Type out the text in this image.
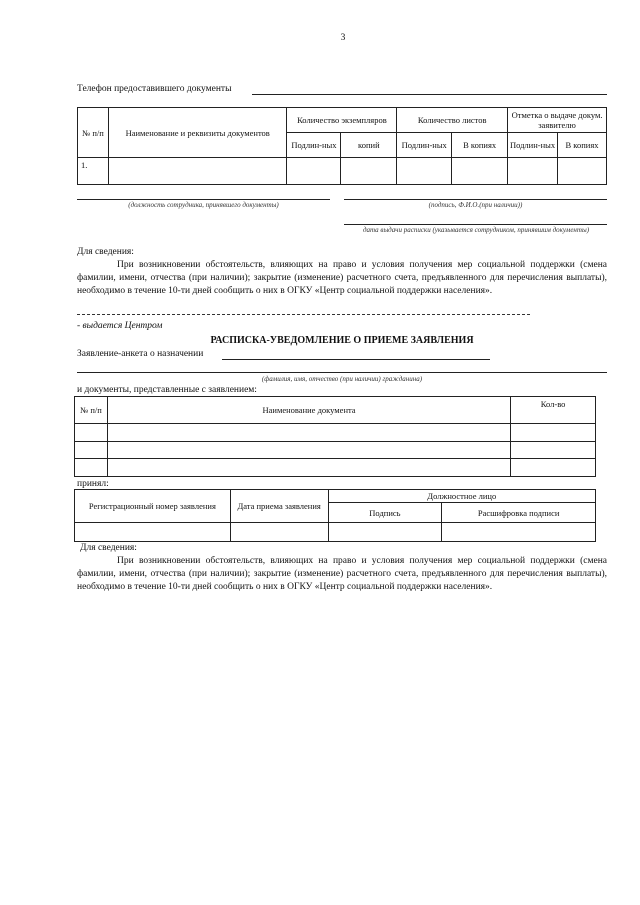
3
Телефон предоставившего документы
№ п/п	Наименование и реквизиты документов	Количество экземпляров		Количество листов		Отметка о выдаче докум. заявителю	
		Подлин-ных	копий	Подлин-ных	В копиях	Подлин-ных	В копиях
1.							
(должность сотрудника, принявшего документы)	(подпись, Ф.И.О.(при наличии))
дата выдачи расписки (указывается сотрудником, принявшим документы)
Для сведения:
При возникновении обстоятельств, влияющих на право и условия получения мер социальной поддержки (смена фамилии, имени, отчества (при наличии); закрытие (изменение) расчетного счета, предъявленного для перечисления выплаты), необходимо в течение 10-ти дней сообщить о них в ОГКУ «Центр социальной поддержки населения».
- выдается Центром
РАСПИСКА-УВЕДОМЛЕНИЕ О ПРИЕМЕ ЗАЯВЛЕНИЯ
Заявление-анкета о назначении
(фамилия, имя, отчество (при наличии) гражданина)
и документы, представленные с заявлением:
№ п/п	Наименование документа	Кол-во

принял:
Регистрационный номер заявления	Дата приема заявления	Должностное лицо	
		Подпись	Расшифровка подписи

Для сведения:
При возникновении обстоятельств, влияющих на право и условия получения мер социальной поддержки (смена фамилии, имени, отчества (при наличии); закрытие (изменение) расчетного счета, предъявленного для перечисления выплаты), необходимо в течение 10-ти дней сообщить о них в ОГКУ «Центр социальной поддержки населения».
